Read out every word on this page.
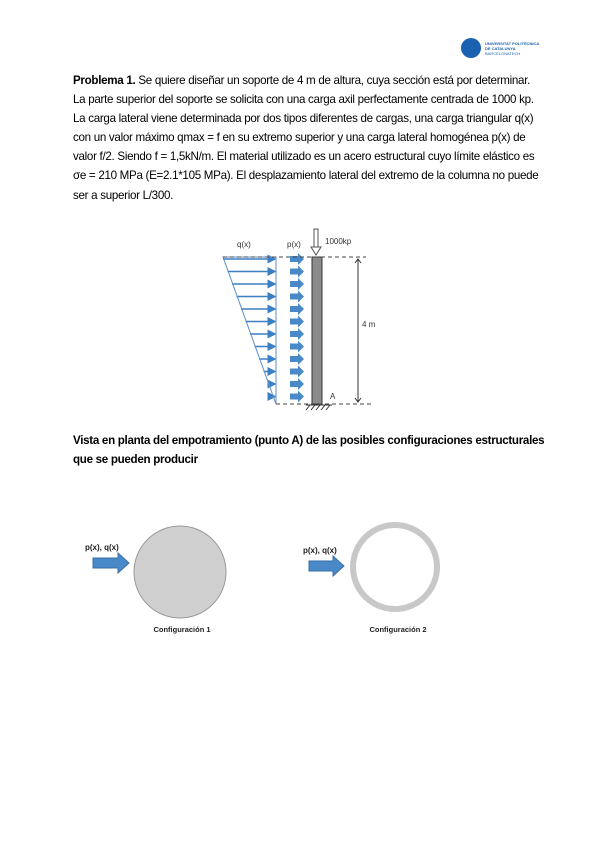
UNIVERSITAT POLITÈCNICA
DE CATALUNYA
BARCELONATECH
Problema 1. Se quiere diseñar un soporte de 4 m de altura, cuya sección está por determinar. La parte superior del soporte se solicita con una carga axil perfectamente centrada de 1000 kp. La carga lateral viene determinada por dos tipos diferentes de cargas, una carga triangular q(x) con un valor máximo qmax = f en su extremo superior y una carga lateral homogénea p(x) de valor f/2. Siendo f = 1,5kN/m. El material utilizado es un acero estructural cuyo límite elástico es σe = 210 MPa (E=2.1*105 MPa). El desplazamiento lateral del extremo de la columna no puede ser a superior L/300.
q(x)	p(x)	1000kp
4 m
A
p(x), q(x)	p(x), q(x)
Configuración 1	Configuración 2
Vista en planta del empotramiento (punto A) de las posibles configuraciones estructurales que se pueden producir
